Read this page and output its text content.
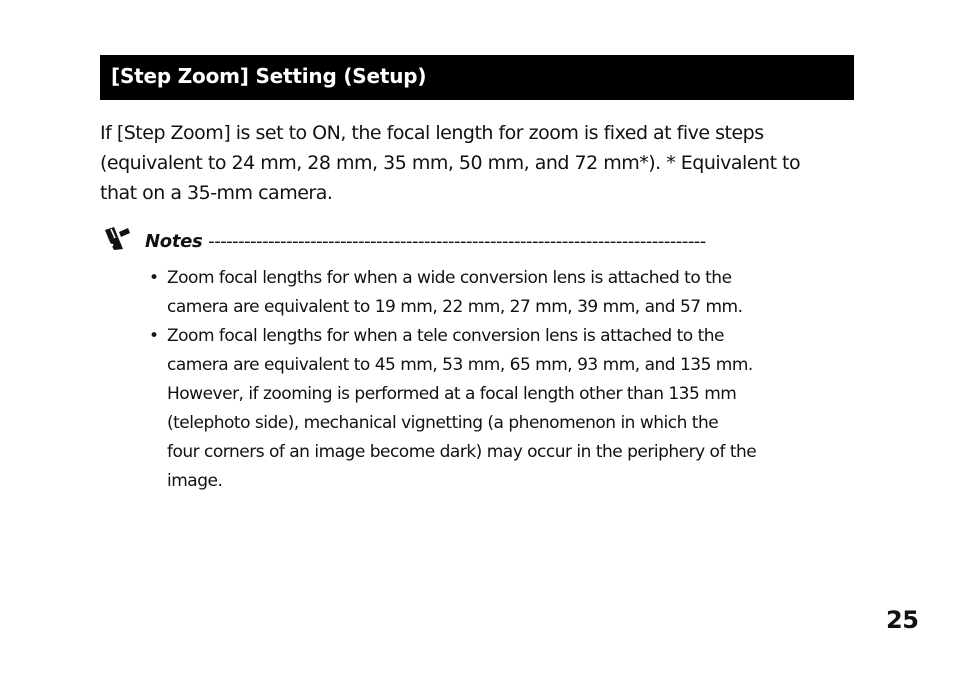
[Step Zoom] Setting (Setup)
If [Step Zoom] is set to ON, the focal length for zoom is fixed at five steps
(equivalent to 24 mm, 28 mm, 35 mm, 50 mm, and 72 mm*). * Equivalent to
that on a 35-mm camera.
Notes -----------------------------------------------------------------------------------
• Zoom focal lengths for when a wide conversion lens is attached to the
camera are equivalent to 19 mm, 22 mm, 27 mm, 39 mm, and 57 mm.
• Zoom focal lengths for when a tele conversion lens is attached to the
camera are equivalent to 45 mm, 53 mm, 65 mm, 93 mm, and 135 mm.
However, if zooming is performed at a focal length other than 135 mm
(telephoto side), mechanical vignetting (a phenomenon in which the
four corners of an image become dark) may occur in the periphery of the
image.
25
